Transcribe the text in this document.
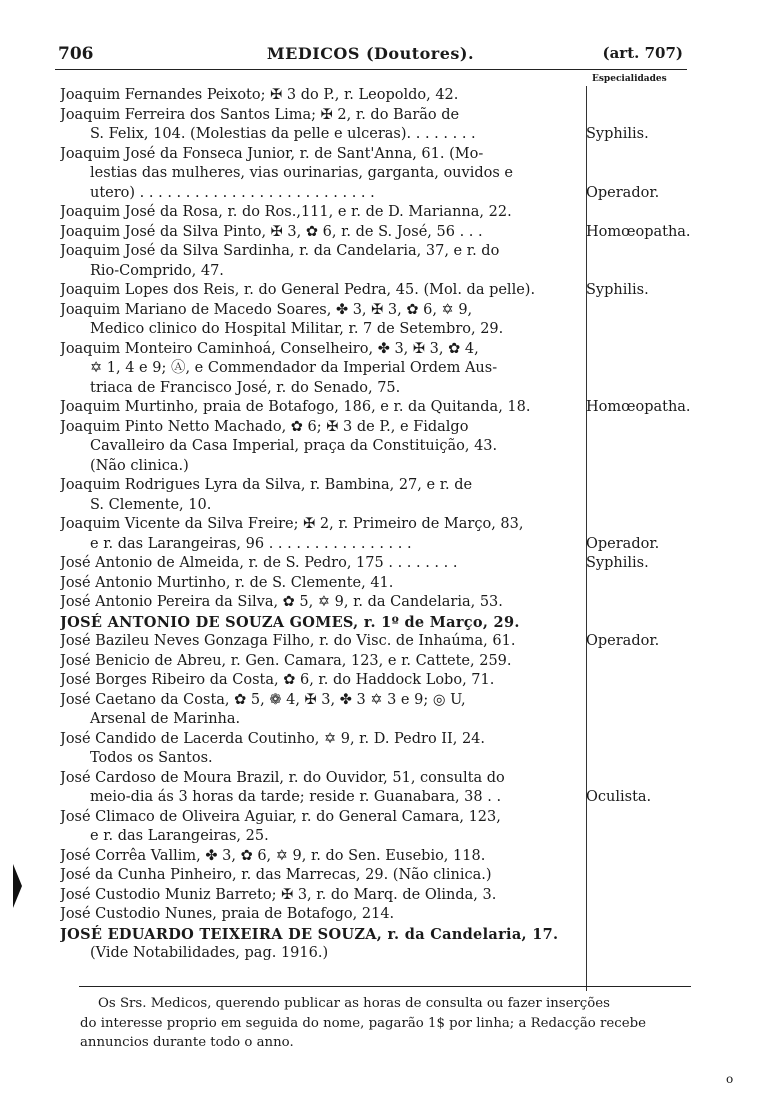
706	MEDICOS (Doutores).	(art. 707)
Especialidades
Joaquim Fernandes Peixoto; ✠ 3 do P., r. Leopoldo, 42.
Joaquim Ferreira dos Santos Lima; ✠ 2, r. do Barão de
S. Felix, 104. (Molestias da pelle e ulceras). . . . . . . .	Syphilis.
Joaquim José da Fonseca Junior, r. de Sant'Anna, 61. (Mo-
lestias das mulheres, vias ourinarias, garganta, ouvidos e
utero) . . . . . . . . . . . . . . . . . . . . . . . . . .	Operador.
Joaquim José da Rosa, r. do Ros.,111, e r. de D. Marianna, 22.
Joaquim José da Silva Pinto, ✠ 3, ✿ 6, r. de S. José, 56 . . .	Homœopatha.
Joaquim José da Silva Sardinha, r. da Candelaria, 37, e r. do
Rio-Comprido, 47.
Joaquim Lopes dos Reis, r. do General Pedra, 45. (Mol. da pelle).	Syphilis.
Joaquim Mariano de Macedo Soares, ✤ 3, ✠ 3, ✿ 6, ✡ 9,
Medico clinico do Hospital Militar, r. 7 de Setembro, 29.
Joaquim Monteiro Caminhoá, Conselheiro, ✤ 3, ✠ 3, ✿ 4,
✡ 1, 4 e 9; Ⓐ, e Commendador da Imperial Ordem Aus-
triaca de Francisco José, r. do Senado, 75.
Joaquim Murtinho, praia de Botafogo, 186, e r. da Quitanda, 18.	Homœopatha.
Joaquim Pinto Netto Machado, ✿ 6; ✠ 3 de P., e Fidalgo
Cavalleiro da Casa Imperial, praça da Constituição, 43.
(Não clinica.)
Joaquim Rodrigues Lyra da Silva, r. Bambina, 27, e r. de
S. Clemente, 10.
Joaquim Vicente da Silva Freire; ✠ 2, r. Primeiro de Março, 83,
e r. das Larangeiras, 96 . . . . . . . . . . . . . . . .	Operador.
José Antonio de Almeida, r. de S. Pedro, 175 . . . . . . . .	Syphilis.
José Antonio Murtinho, r. de S. Clemente, 41.
José Antonio Pereira da Silva, ✿ 5, ✡ 9, r. da Candelaria, 53.
JOSÉ ANTONIO DE SOUZA GOMES, r. 1º de Março, 29.
José Bazileu Neves Gonzaga Filho, r. do Visc. de Inhaúma, 61.	Operador.
José Benicio de Abreu, r. Gen. Camara, 123, e r. Cattete, 259.
José Borges Ribeiro da Costa, ✿ 6, r. do Haddock Lobo, 71.
José Caetano da Costa, ✿ 5, ❁ 4, ✠ 3, ✤ 3 ✡ 3 e 9; ◎ U,
Arsenal de Marinha.
José Candido de Lacerda Coutinho, ✡ 9, r. D. Pedro II, 24.
Todos os Santos.
José Cardoso de Moura Brazil, r. do Ouvidor, 51, consulta do
meio-dia ás 3 horas da tarde; reside r. Guanabara, 38 . .	Oculista.
José Climaco de Oliveira Aguiar, r. do General Camara, 123,
e r. das Larangeiras, 25.
José Corrêa Vallim, ✤ 3, ✿ 6, ✡ 9, r. do Sen. Eusebio, 118.
José da Cunha Pinheiro, r. das Marrecas, 29. (Não clinica.)
José Custodio Muniz Barreto; ✠ 3, r. do Marq. de Olinda, 3.
José Custodio Nunes, praia de Botafogo, 214.
JOSÉ EDUARDO TEIXEIRA DE SOUZA, r. da Candelaria, 17.
(Vide Notabilidades, pag. 1916.)
Os Srs. Medicos, querendo publicar as horas de consulta ou fazer inserções
do interesse proprio em seguida do nome, pagarão 1$ por linha; a Redacção recebe
annuncios durante todo o anno.
o
